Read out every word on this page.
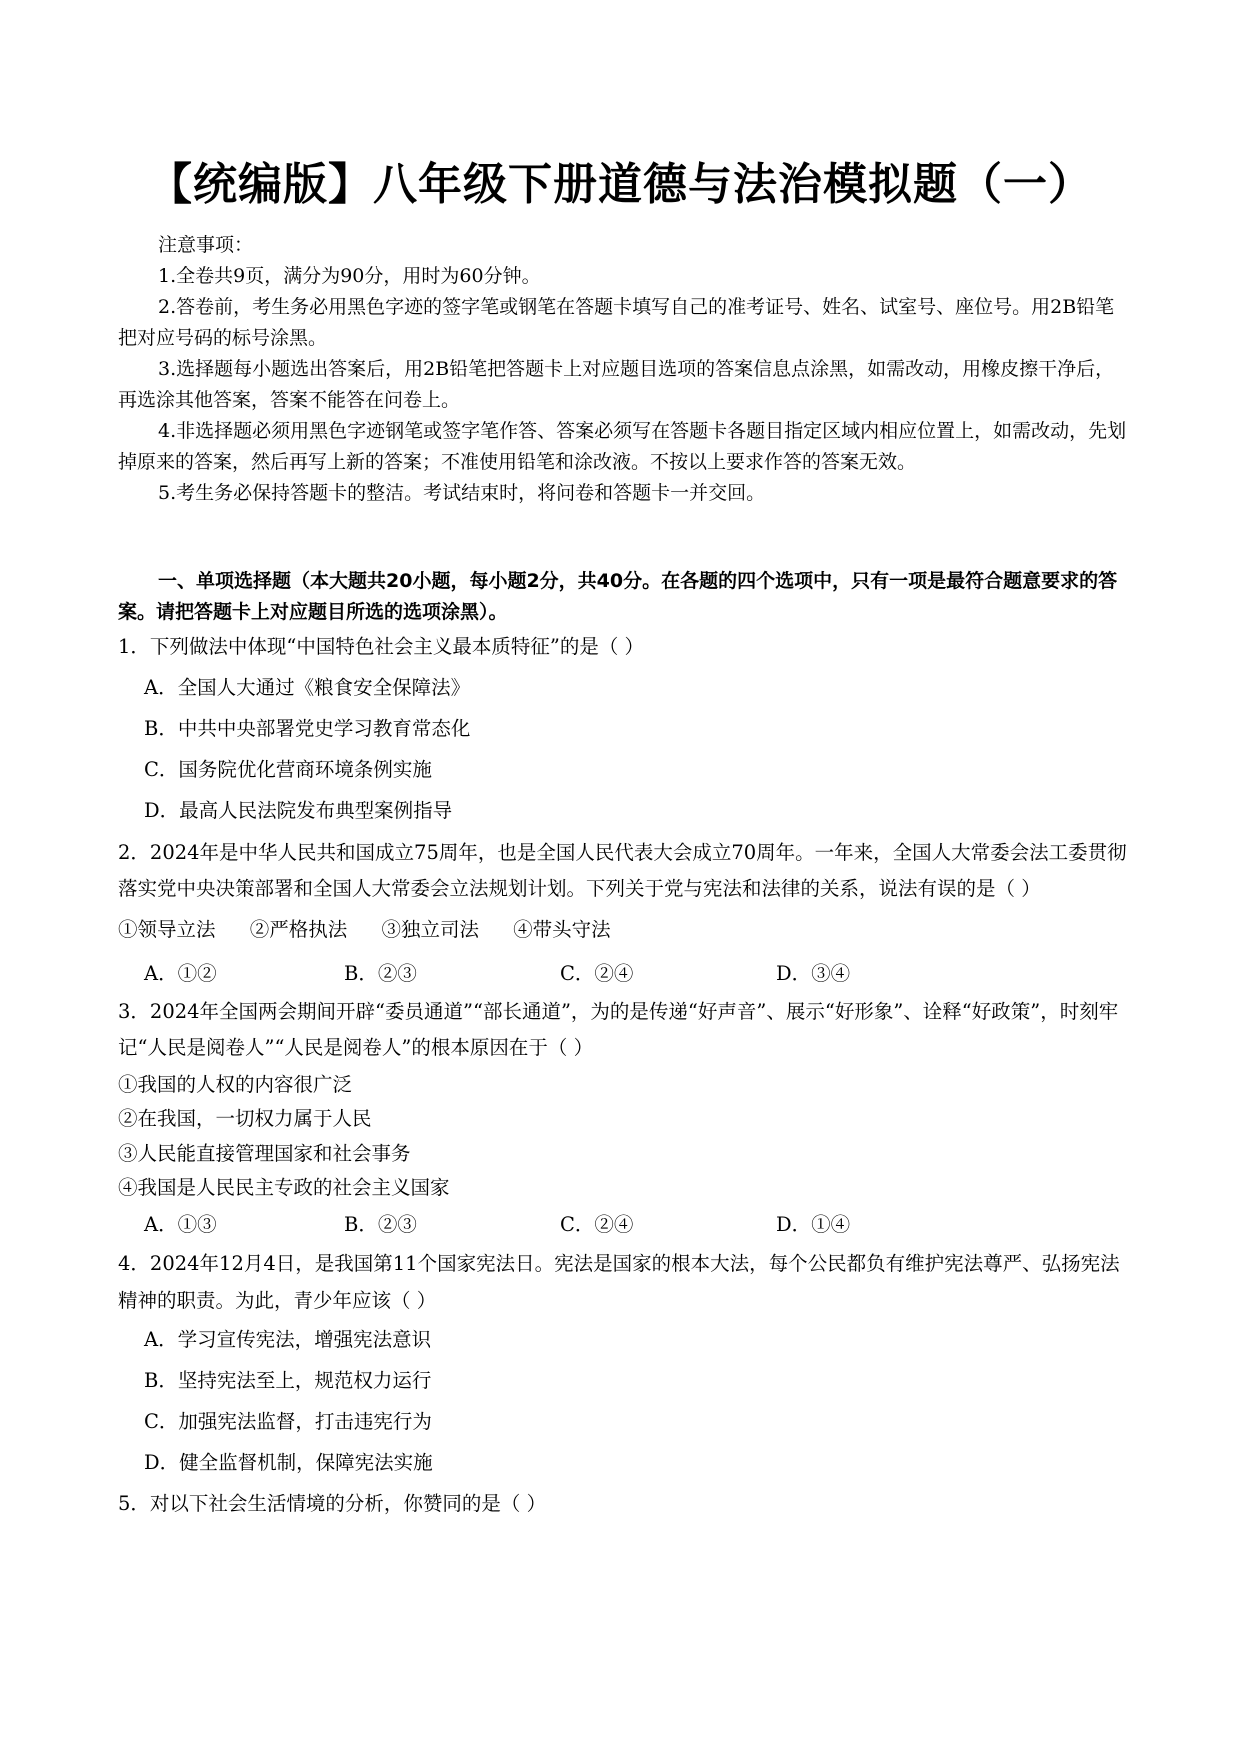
【统编版】八年级下册道德与法治模拟题（一）

注意事项：

1.全卷共9页，满分为90分，用时为60分钟。

2.答卷前，考生务必用黑色字迹的签字笔或钢笔在答题卡填写自己的准考证号、姓名、试室号、座位号。用2B铅笔把对应号码的标号涂黑。

3.选择题每小题选出答案后，用2B铅笔把答题卡上对应题目选项的答案信息点涂黑，如需改动，用橡皮擦干净后，再选涂其他答案，答案不能答在问卷上。

4.非选择题必须用黑色字迹钢笔或签字笔作答、答案必须写在答题卡各题目指定区域内相应位置上，如需改动，先划掉原来的答案，然后再写上新的答案；不准使用铅笔和涂改液。不按以上要求作答的答案无效。

5.考生务必保持答题卡的整洁。考试结束时，将问卷和答题卡一并交回。

一、单项选择题（本大题共20小题，每小题2分，共40分。在各题的四个选项中，只有一项是最符合题意要求的答案。请把答题卡上对应题目所选的选项涂黑）。

1．下列做法中体现“中国特色社会主义最本质特征”的是（ ）
A．全国人大通过《粮食安全保障法》
B．中共中央部署党史学习教育常态化
C．国务院优化营商环境条例实施
D．最高人民法院发布典型案例指导
2．2024年是中华人民共和国成立75周年，也是全国人民代表大会成立70周年。一年来，全国人大常委会法工委贯彻落实党中央决策部署和全国人大常委会立法规划计划。下列关于党与宪法和法律的关系，说法有误的是（ ）
①领导立法 ②严格执法 ③独立司法 ④带头守法
A．①②	B．②③	C．②④	D．③④
3．2024年全国两会期间开辟“委员通道”“部长通道”，为的是传递“好声音”、展示“好形象”、诠释“好政策”，时刻牢记“人民是阅卷人”“人民是阅卷人”的根本原因在于（ ）
①我国的人权的内容很广泛
②在我国，一切权力属于人民
③人民能直接管理国家和社会事务
④我国是人民民主专政的社会主义国家
A．①③	B．②③	C．②④	D．①④
4．2024年12月4日，是我国第11个国家宪法日。宪法是国家的根本大法，每个公民都负有维护宪法尊严、弘扬宪法精神的职责。为此，青少年应该（ ）
A．学习宣传宪法，增强宪法意识
B．坚持宪法至上，规范权力运行
C．加强宪法监督，打击违宪行为
D．健全监督机制，保障宪法实施
5．对以下社会生活情境的分析，你赞同的是（ ）
